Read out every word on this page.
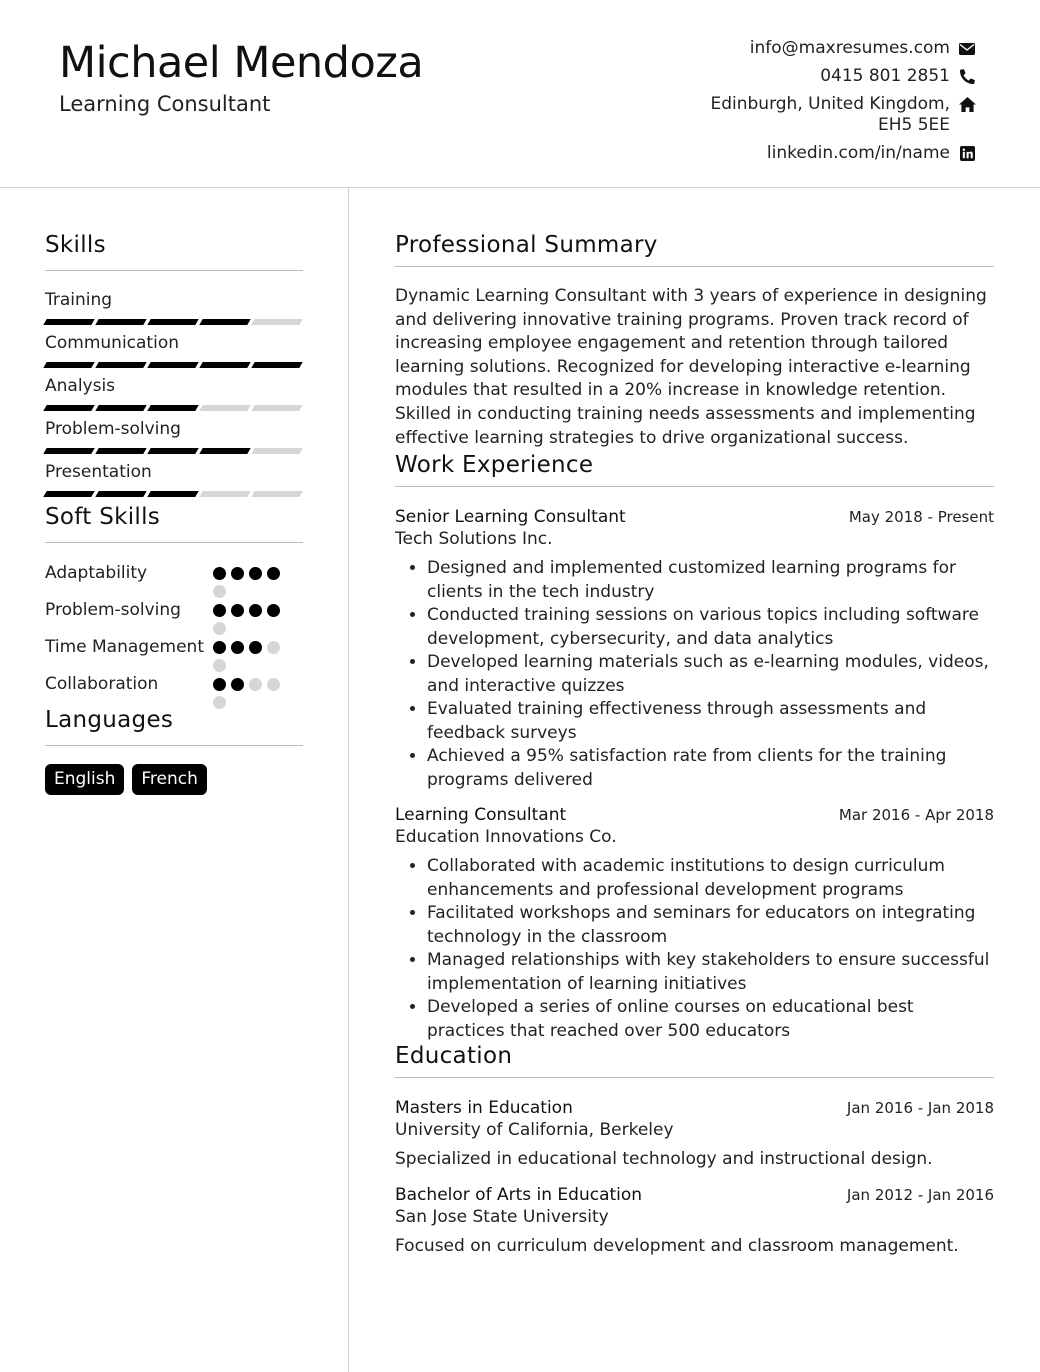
Michael Mendoza
Learning Consultant
info@maxresumes.com
0415 801 2851
Edinburgh, United Kingdom, EH5 5EE
linkedin.com/in/name
Skills
Training
Communication
Analysis
Problem-solving
Presentation
Soft Skills
Adaptability
Problem-solving
Time Management
Collaboration
Languages
English	French
Professional Summary
Dynamic Learning Consultant with 3 years of experience in designing and delivering innovative training programs. Proven track record of increasing employee engagement and retention through tailored learning solutions. Recognized for developing interactive e-learning modules that resulted in a 20% increase in knowledge retention. Skilled in conducting training needs assessments and implementing effective learning strategies to drive organizational success.
Work Experience
Senior Learning Consultant	May 2018 - Present
Tech Solutions Inc.
• Designed and implemented customized learning programs for clients in the tech industry
• Conducted training sessions on various topics including software development, cybersecurity, and data analytics
• Developed learning materials such as e-learning modules, videos, and interactive quizzes
• Evaluated training effectiveness through assessments and feedback surveys
• Achieved a 95% satisfaction rate from clients for the training programs delivered
Learning Consultant	Mar 2016 - Apr 2018
Education Innovations Co.
• Collaborated with academic institutions to design curriculum enhancements and professional development programs
• Facilitated workshops and seminars for educators on integrating technology in the classroom
• Managed relationships with key stakeholders to ensure successful implementation of learning initiatives
• Developed a series of online courses on educational best practices that reached over 500 educators
Education
Masters in Education	Jan 2016 - Jan 2018
University of California, Berkeley
Specialized in educational technology and instructional design.
Bachelor of Arts in Education	Jan 2012 - Jan 2016
San Jose State University
Focused on curriculum development and classroom management.
